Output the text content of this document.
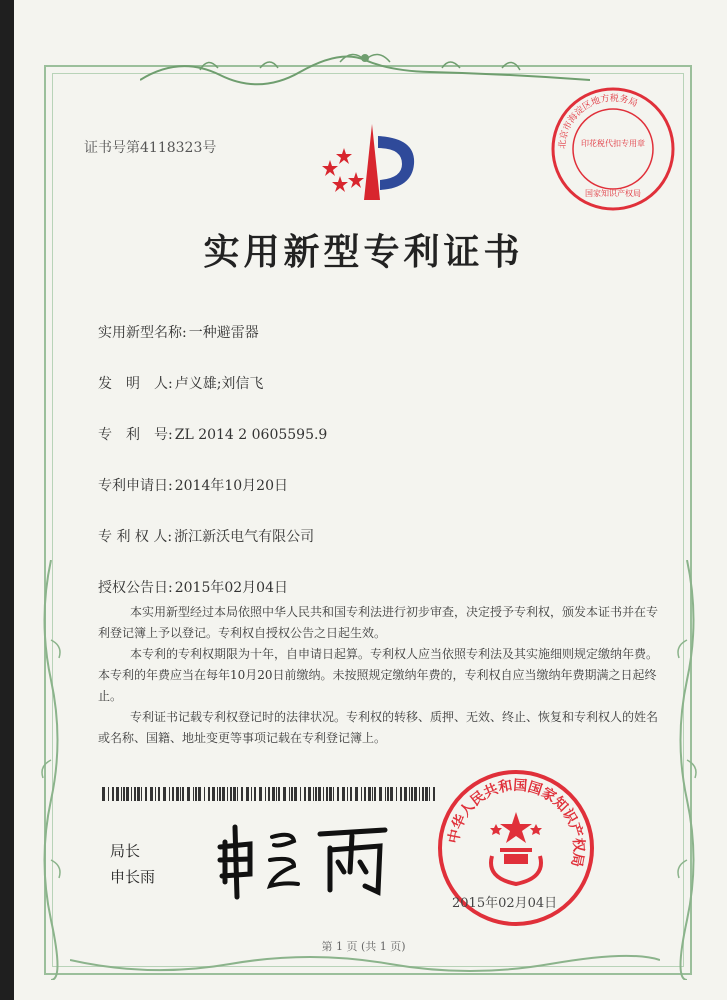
证书号第4118323号	北京市海淀区地方税务局
印花税代扣专用章
国家知识产权局
实用新型专利证书
实用新型名称: 一种避雷器
发　明　人: 卢义雄;刘信飞
专　利　号: ZL 2014 2 0605595.9
专利申请日: 2014年10月20日
专 利 权 人: 浙江新沃电气有限公司
授权公告日: 2015年02月04日

本实用新型经过本局依照中华人民共和国专利法进行初步审查，决定授予专利权，颁发本证书并在专利登记簿上予以登记。专利权自授权公告之日起生效。

本专利的专利权期限为十年，自申请日起算。专利权人应当依照专利法及其实施细则规定缴纳年费。本专利的年费应当在每年10月20日前缴纳。未按照规定缴纳年费的，专利权自应当缴纳年费期满之日起终止。

专利证书记载专利权登记时的法律状况。专利权的转移、质押、无效、终止、恢复和专利权人的姓名或名称、国籍、地址变更等事项记载在专利登记簿上。

中华人民共和国国家知识产权局
局长
申长雨
2015年02月04日
第 1 页 (共 1 页)
